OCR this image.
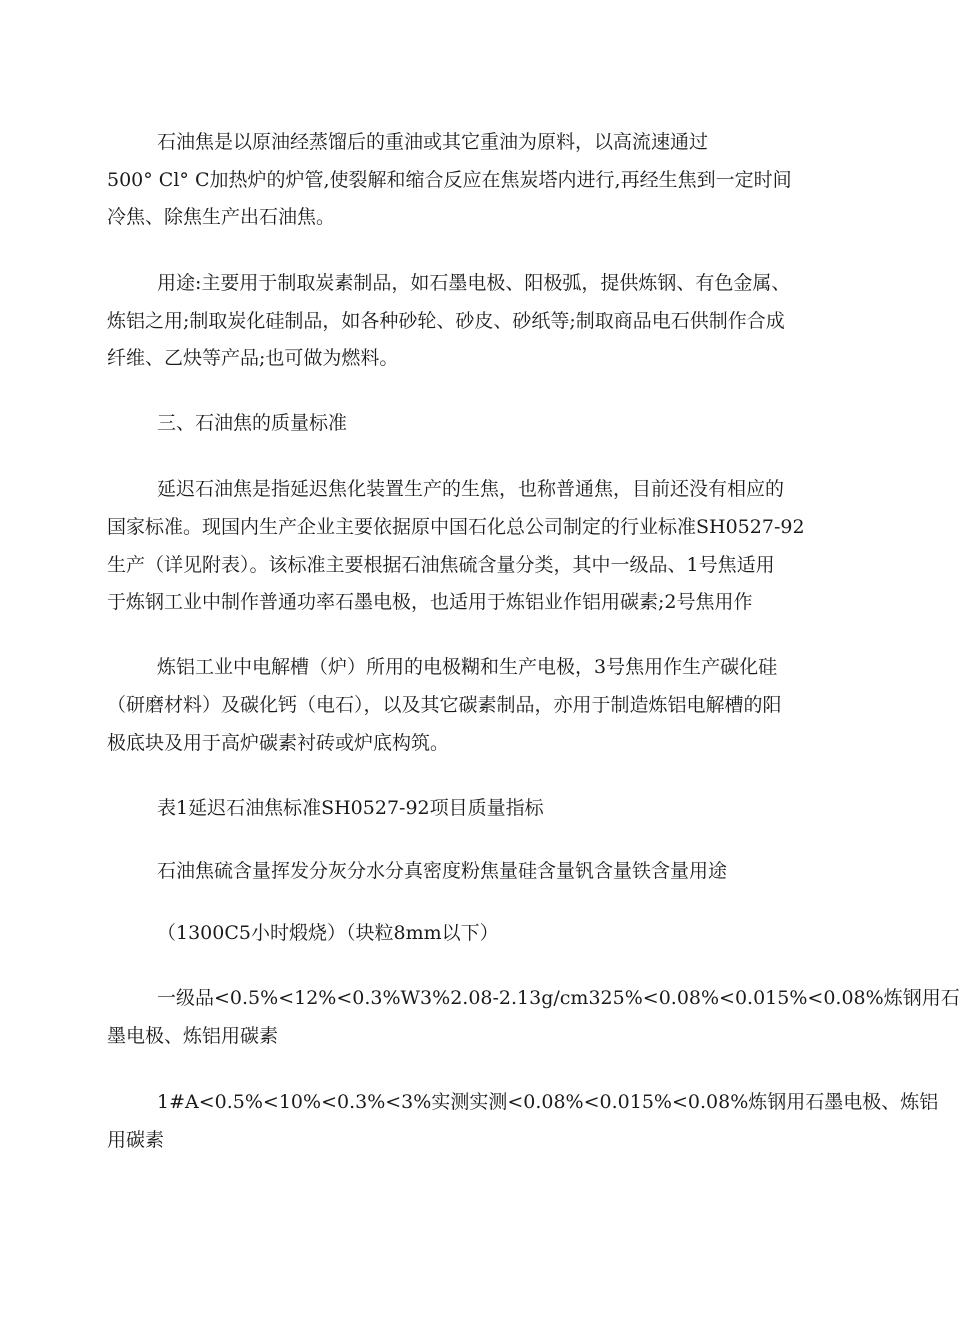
石油焦是以原油经蒸馏后的重油或其它重油为原料，以高流速通过
500° Cl° C加热炉的炉管,使裂解和缩合反应在焦炭塔内进行,再经生焦到一定时间
冷焦、除焦生产出石油焦。
用途:主要用于制取炭素制品，如石墨电极、阳极弧，提供炼钢、有色金属、
炼铝之用;制取炭化硅制品，如各种砂轮、砂皮、砂纸等;制取商品电石供制作合成
纤维、乙炔等产品;也可做为燃料。
三、石油焦的质量标准
延迟石油焦是指延迟焦化装置生产的生焦，也称普通焦，目前还没有相应的
国家标准。现国内生产企业主要依据原中国石化总公司制定的行业标准SH0527-92
生产（详见附表）。该标准主要根据石油焦硫含量分类，其中一级品、1号焦适用
于炼钢工业中制作普通功率石墨电极，也适用于炼铝业作铝用碳素;2号焦用作
炼铝工业中电解槽（炉）所用的电极糊和生产电极，3号焦用作生产碳化硅
（研磨材料）及碳化钙（电石），以及其它碳素制品，亦用于制造炼铝电解槽的阳
极底块及用于高炉碳素衬砖或炉底构筑。
表1延迟石油焦标准SH0527-92项目质量指标
石油焦硫含量挥发分灰分水分真密度粉焦量硅含量钒含量铁含量用途
（1300C5小时煅烧）（块粒8mm以下）
一级品<0.5%<12%<0.3%W3%2.08-2.13g/cm325%<0.08%<0.015%<0.08%炼钢用石
墨电极、炼铝用碳素
1#A<0.5%<10%<0.3%<3%实测实测<0.08%<0.015%<0.08%炼钢用石墨电极、炼铝
用碳素
